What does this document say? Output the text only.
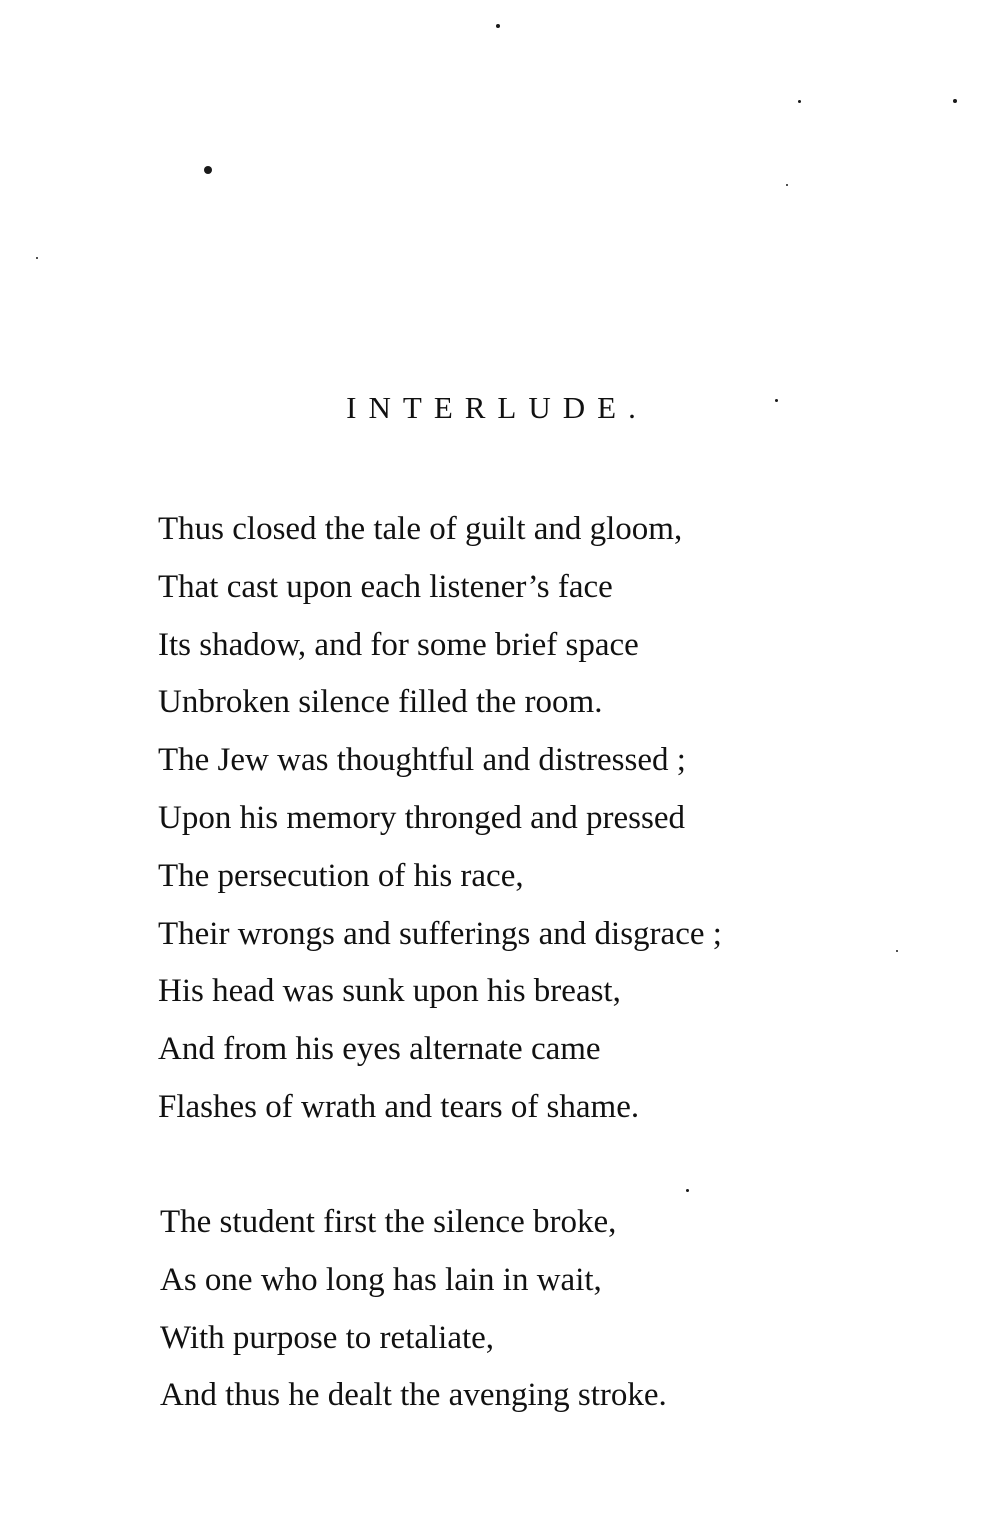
INTERLUDE.
Thus closed the tale of guilt and gloom,
That cast upon each listener’s face
Its shadow, and for some brief space
Unbroken silence filled the room.
The Jew was thoughtful and distressed ;
Upon his memory thronged and pressed
The persecution of his race,
Their wrongs and sufferings and disgrace ;
His head was sunk upon his breast,
And from his eyes alternate came
Flashes of wrath and tears of shame.
The student first the silence broke,
As one who long has lain in wait,
With purpose to retaliate,
And thus he dealt the avenging stroke.
